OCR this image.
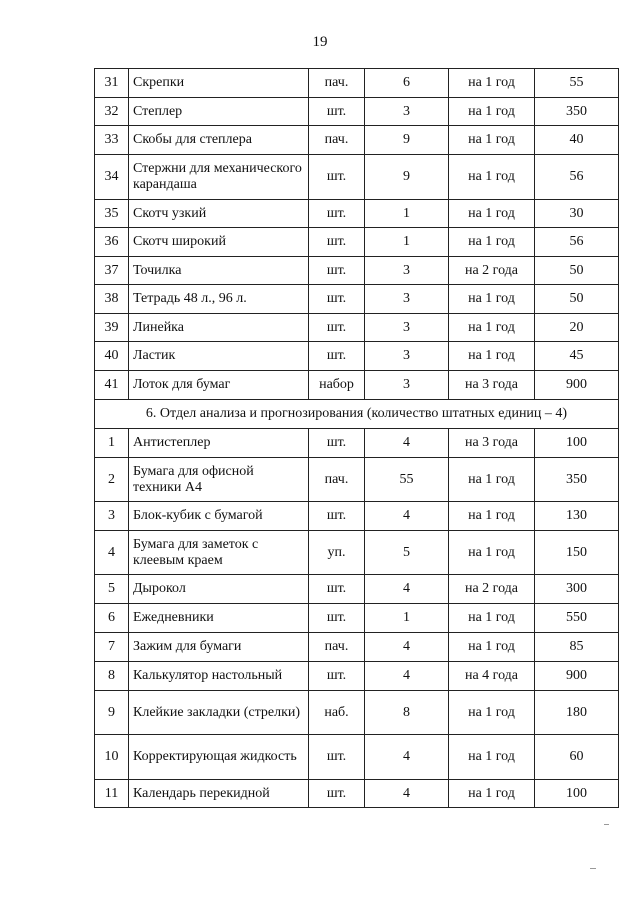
19
31	Скрепки	пач.	6	на 1 год	55
32	Степлер	шт.	3	на 1 год	350
33	Скобы для степлера	пач.	9	на 1 год	40
34	Стержни для механического карандаша	шт.	9	на 1 год	56
35	Скотч узкий	шт.	1	на 1 год	30
36	Скотч широкий	шт.	1	на 1 год	56
37	Точилка	шт.	3	на 2 года	50
38	Тетрадь 48 л., 96 л.	шт.	3	на 1 год	50
39	Линейка	шт.	3	на 1 год	20
40	Ластик	шт.	3	на 1 год	45
41	Лоток для бумаг	набор	3	на 3 года	900
6. Отдел анализа и прогнозирования (количество штатных единиц – 4)					
1	Антистеплер	шт.	4	на 3 года	100
2	Бумага для офисной техники А4	пач.	55	на 1 год	350
3	Блок-кубик с бумагой	шт.	4	на 1 год	130
4	Бумага для заметок с клеевым краем	уп.	5	на 1 год	150
5	Дырокол	шт.	4	на 2 года	300
6	Ежедневники	шт.	1	на 1 год	550
7	Зажим для бумаги	пач.	4	на 1 год	85
8	Калькулятор настольный	шт.	4	на 4 года	900
9	Клейкие закладки (стрелки)	наб.	8	на 1 год	180
10	Корректирующая жидкость	шт.	4	на 1 год	60
11	Календарь перекидной	шт.	4	на 1 год	100
